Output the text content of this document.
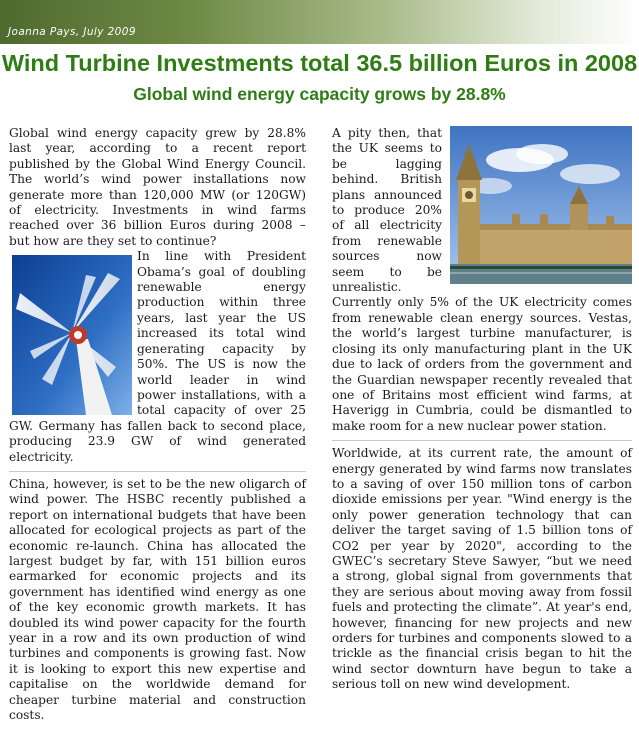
Joanna Pays, July 2009
Wind Turbine Investments total 36.5 billion Euros in 2008
Global wind energy capacity grows by 28.8%

Global wind energy capacity grew by 28.8% last year, according to a recent report published by the Global Wind Energy Council. The world’s wind power installations now generate more than 120,000 MW (or 120GW) of electricity. Investments in wind farms reached over 36 billion Euros during 2008 – but how are they set to continue?

In line with President Obama’s goal of doubling renewable energy production within three years, last year the US increased its total wind generating capacity by 50%. The US is now the world leader in wind power installations, with a total capacity of over 25 GW. Germany has fallen back to second place, producing 23.9 GW of wind generated electricity.

China, however, is set to be the new oligarch of wind power. The HSBC recently published a report on international budgets that have been allocated for ecological projects as part of the economic re-launch. China has allocated the largest budget by far, with 151 billion euros earmarked for economic projects and its government has identified wind energy as one of the key economic growth markets. It has doubled its wind power capacity for the fourth year in a row and its own production of wind turbines and components is growing fast. Now it is looking to export this new expertise and capitalise on the worldwide demand for cheaper turbine material and construction costs.

A pity then, that the UK seems to be lagging behind. British plans announced to produce 20% of all electricity from renewable sources now seem to be unrealistic. Currently only 5% of the UK electricity comes from renewable clean energy sources. Vestas, the world’s largest turbine manufacturer, is closing its only manufacturing plant in the UK due to lack of orders from the government and the Guardian newspaper recently revealed that one of Britains most efficient wind farms, at Haverigg in Cumbria, could be dismantled to make room for a new nuclear power station.

Worldwide, at its current rate, the amount of energy generated by wind farms now translates to a saving of over 150 million tons of carbon dioxide emissions per year. "Wind energy is the only power generation technology that can deliver the target saving of 1.5 billion tons of CO2 per year by 2020", according to the GWEC’s secretary Steve Sawyer, “but we need a strong, global signal from governments that they are serious about moving away from fossil fuels and protecting the climate”. At year's end, however, financing for new projects and new orders for turbines and components slowed to a trickle as the financial crisis began to hit the wind sector downturn have begun to take a serious toll on new wind development.
